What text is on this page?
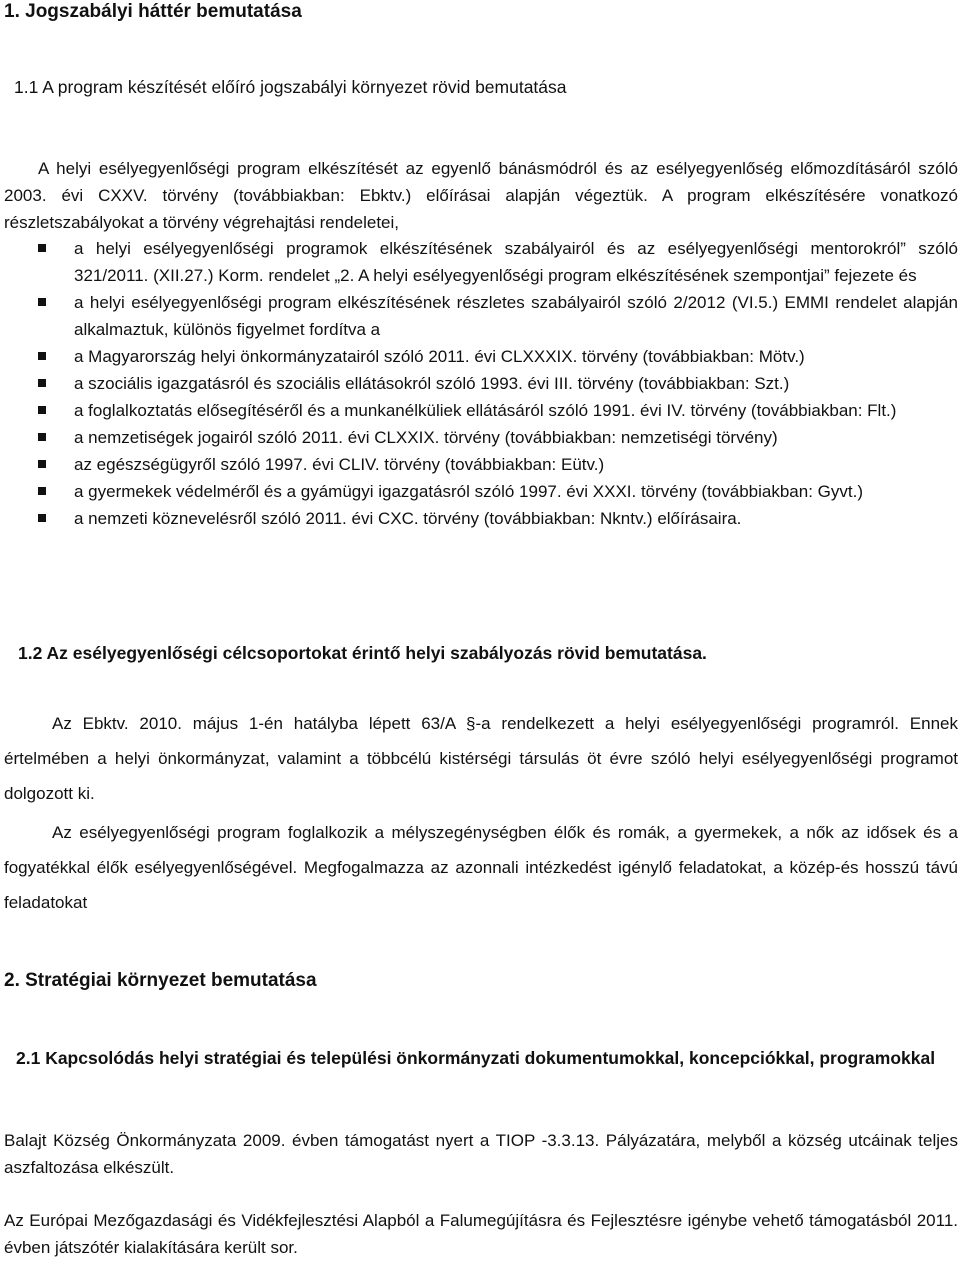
1. Jogszabályi háttér bemutatása
1.1 A program készítését előíró jogszabályi környezet rövid bemutatása

A helyi esélyegyenlőségi program elkészítését az egyenlő bánásmódról és az esélyegyenlőség előmozdításáról szóló 2003. évi CXXV. törvény (továbbiakban: Ebktv.) előírásai alapján végeztük. A program elkészítésére vonatkozó részletszabályokat a törvény végrehajtási rendeletei,

a helyi esélyegyenlőségi programok elkészítésének szabályairól és az esélyegyenlőségi mentorokról” szóló 321/2011. (XII.27.) Korm. rendelet „2. A helyi esélyegyenlőségi program elkészítésének szempontjai” fejezete és
a helyi esélyegyenlőségi program elkészítésének részletes szabályairól szóló 2/2012 (VI.5.) EMMI rendelet alapján alkalmaztuk, különös figyelmet fordítva a
a Magyarország helyi önkormányzatairól szóló 2011. évi CLXXXIX. törvény (továbbiakban: Mötv.)
a szociális igazgatásról és szociális ellátásokról szóló 1993. évi III. törvény (továbbiakban: Szt.)
a foglalkoztatás elősegítéséről és a munkanélküliek ellátásáról szóló 1991. évi IV. törvény (továbbiakban: Flt.)
a nemzetiségek jogairól szóló 2011. évi CLXXIX. törvény (továbbiakban: nemzetiségi törvény)
az egészségügyről szóló 1997. évi CLIV. törvény (továbbiakban: Eütv.)
a gyermekek védelméről és a gyámügyi igazgatásról szóló 1997. évi XXXI. törvény (továbbiakban: Gyvt.)
a nemzeti köznevelésről szóló 2011. évi CXC. törvény (továbbiakban: Nkntv.) előírásaira.
1.2 Az esélyegyenlőségi célcsoportokat érintő helyi szabályozás rövid bemutatása.

Az Ebktv. 2010. május 1-én hatályba lépett 63/A §-a rendelkezett a helyi esélyegyenlőségi programról. Ennek értelmében a helyi önkormányzat, valamint a többcélú kistérségi társulás öt évre szóló helyi esélyegyenlőségi programot dolgozott ki.

Az esélyegyenlőségi program foglalkozik a mélyszegénységben élők és romák, a gyermekek, a nők az idősek és a fogyatékkal élők esélyegyenlőségével. Megfogalmazza az azonnali intézkedést igénylő feladatokat, a közép-és hosszú távú feladatokat

2. Stratégiai környezet bemutatása
2.1 Kapcsolódás helyi stratégiai és települési önkormányzati dokumentumokkal, koncepciókkal, programokkal

Balajt Község Önkormányzata 2009. évben támogatást nyert a TIOP -3.3.13. Pályázatára, melyből a község utcáinak teljes aszfaltozása elkészült.

Az Európai Mezőgazdasági és Vidékfejlesztési Alapból a Falumegújításra és Fejlesztésre igénybe vehető támogatásból 2011. évben játszótér kialakítására került sor.
